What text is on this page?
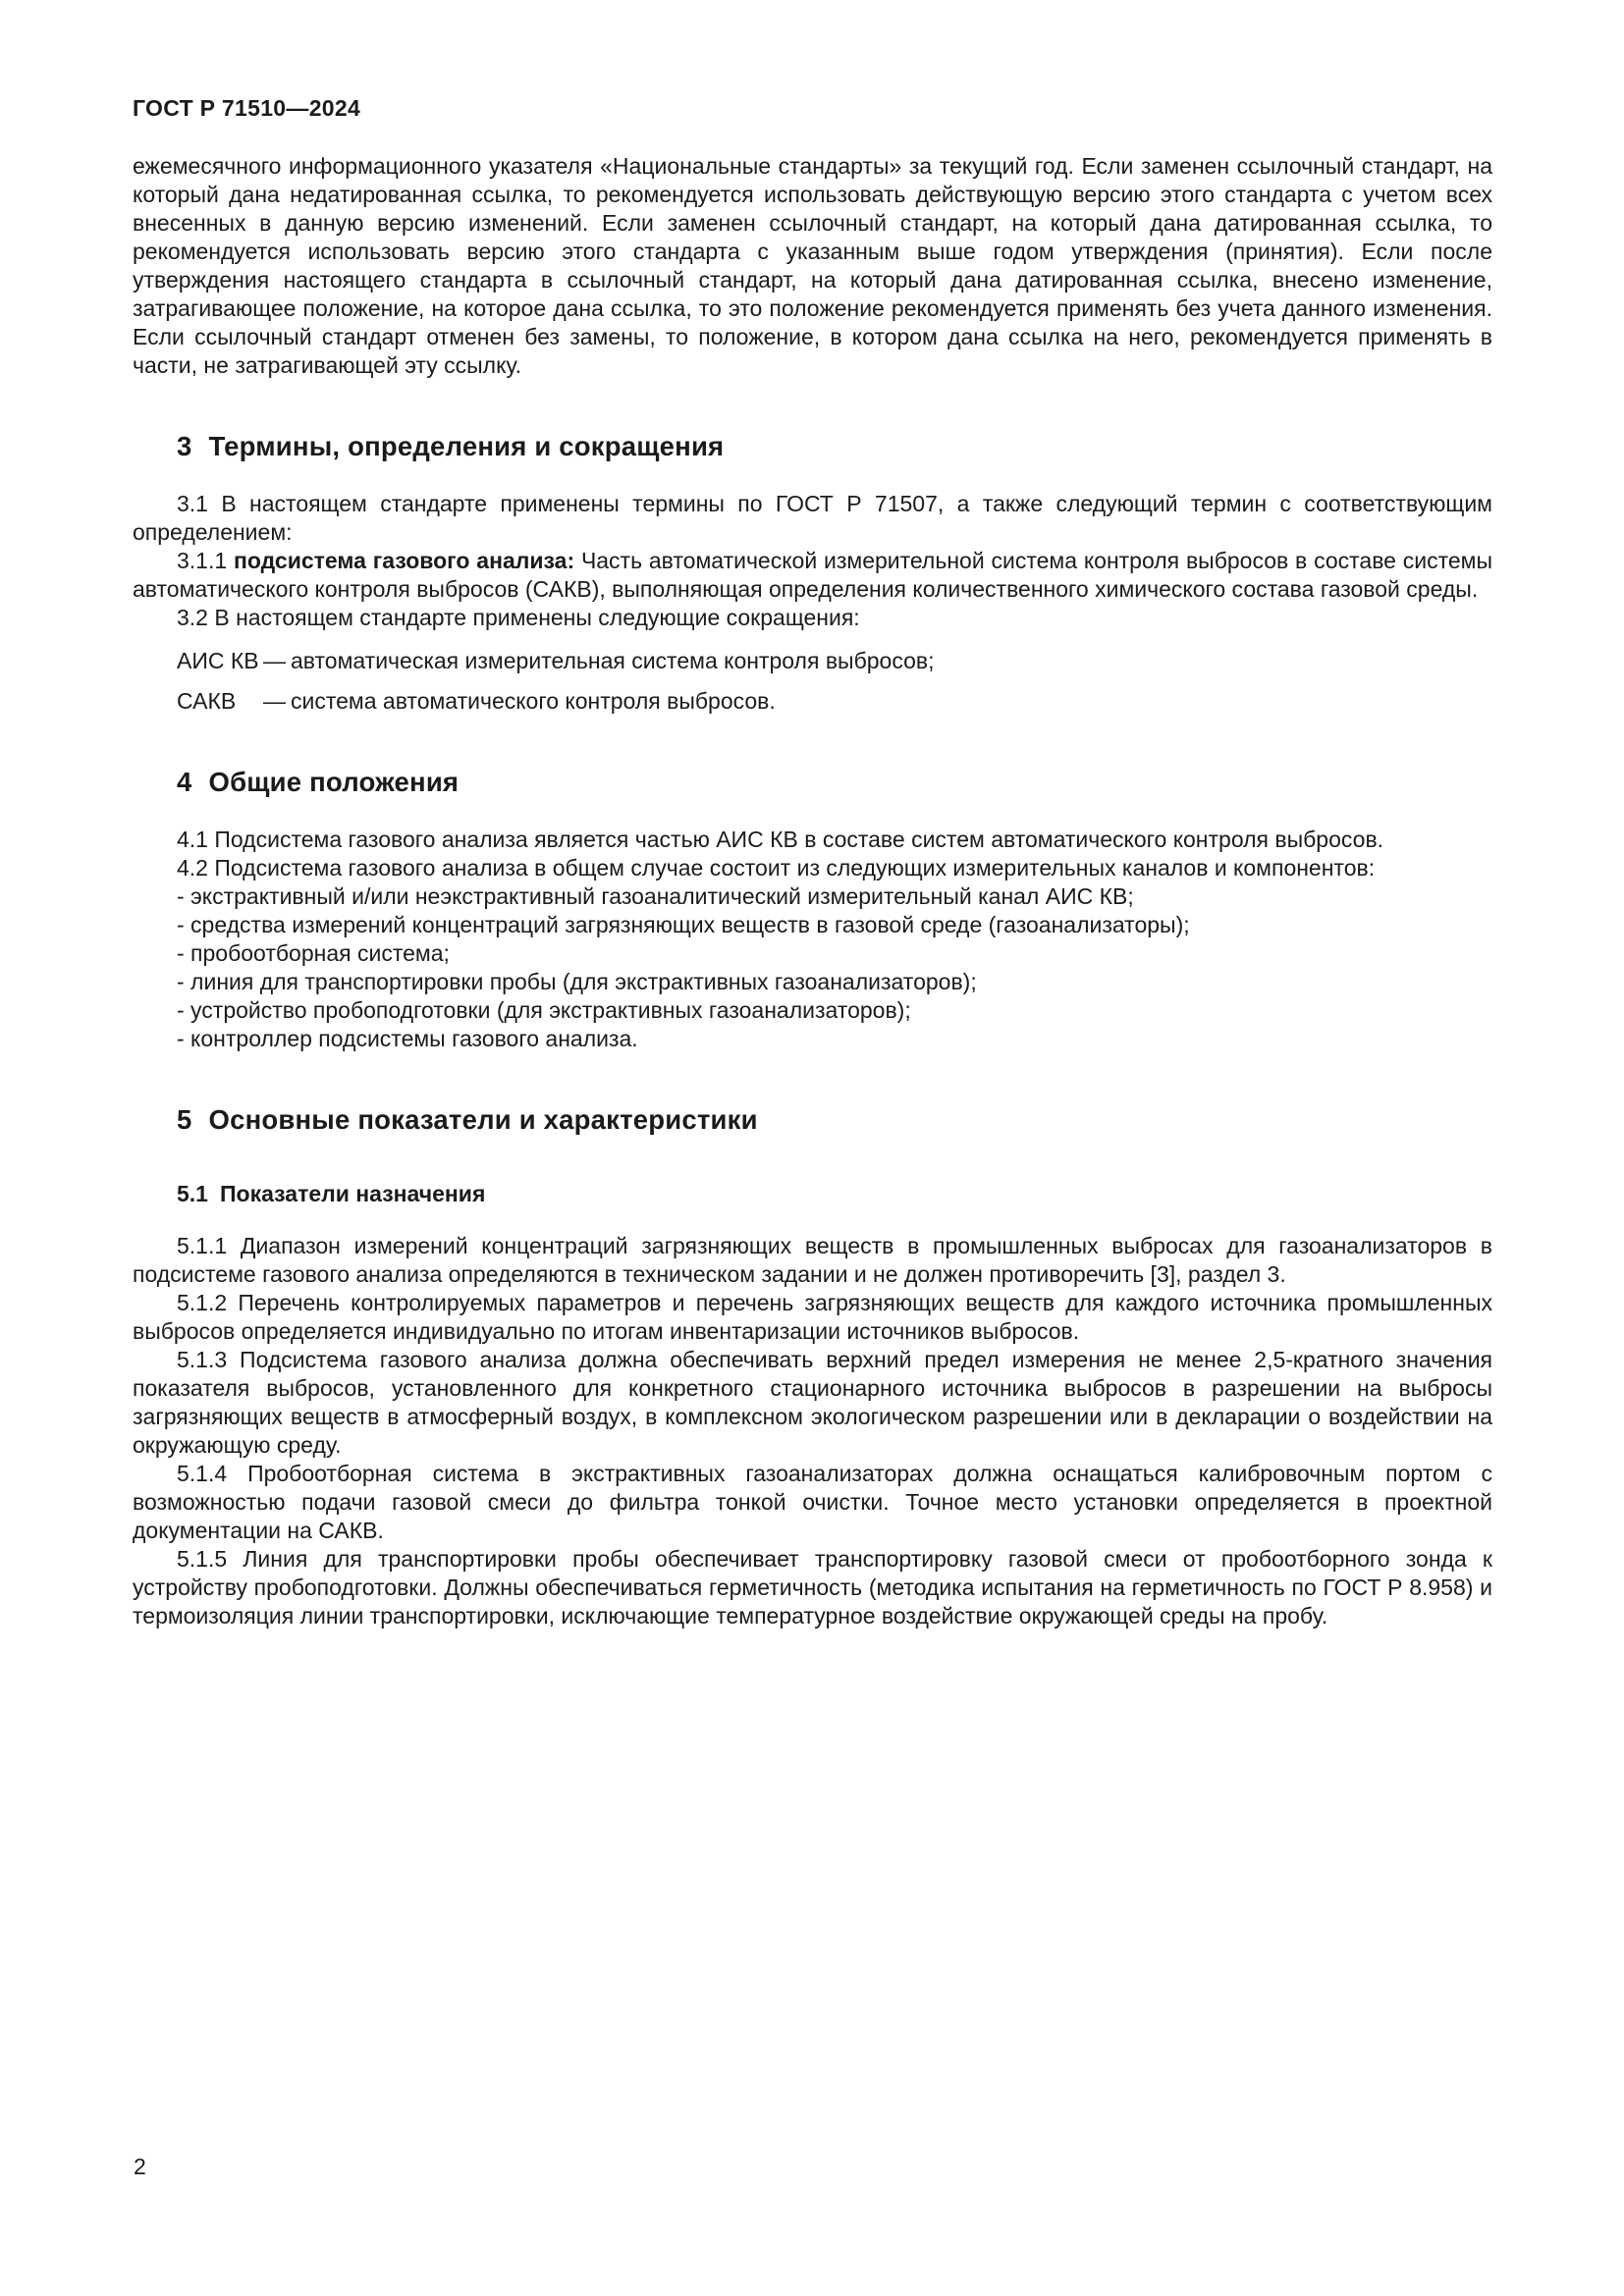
ГОСТ Р 71510—2024

ежемесячного информационного указателя «Национальные стандарты» за текущий год. Если заменен ссылочный стандарт, на который дана недатированная ссылка, то рекомендуется использовать действующую версию этого стандарта с учетом всех внесенных в данную версию изменений. Если заменен ссылочный стандарт, на который дана датированная ссылка, то рекомендуется использовать версию этого стандарта с указанным выше годом утверждения (принятия). Если после утверждения настоящего стандарта в ссылочный стандарт, на который дана датированная ссылка, внесено изменение, затрагивающее положение, на которое дана ссылка, то это положение рекомендуется применять без учета данного изменения. Если ссылочный стандарт отменен без замены, то положение, в котором дана ссылка на него, рекомендуется применять в части, не затрагивающей эту ссылку.

3 Термины, определения и сокращения

3.1 В настоящем стандарте применены термины по ГОСТ Р 71507, а также следующий термин с соответствующим определением:

3.1.1 подсистема газового анализа: Часть автоматической измерительной система контроля выбросов в составе системы автоматического контроля выбросов (САКВ), выполняющая определения количественного химического состава газовой среды.

3.2 В настоящем стандарте применены следующие сокращения:

АИС КВ — автоматическая измерительная система контроля выбросов;
САКВ	— система автоматического контроля выбросов.
4 Общие положения

4.1 Подсистема газового анализа является частью АИС КВ в составе систем автоматического контроля выбросов.

4.2 Подсистема газового анализа в общем случае состоит из следующих измерительных каналов и компонентов:

- экстрактивный и/или неэкстрактивный газоаналитический измерительный канал АИС КВ;

- средства измерений концентраций загрязняющих веществ в газовой среде (газоанализаторы);

- пробоотборная система;

- линия для транспортировки пробы (для экстрактивных газоанализаторов);

- устройство пробоподготовки (для экстрактивных газоанализаторов);

- контроллер подсистемы газового анализа.

5 Основные показатели и характеристики
5.1 Показатели назначения

5.1.1 Диапазон измерений концентраций загрязняющих веществ в промышленных выбросах для газоанализаторов в подсистеме газового анализа определяются в техническом задании и не должен противоречить [3], раздел 3.

5.1.2 Перечень контролируемых параметров и перечень загрязняющих веществ для каждого источника промышленных выбросов определяется индивидуально по итогам инвентаризации источников выбросов.

5.1.3 Подсистема газового анализа должна обеспечивать верхний предел измерения не менее 2,5-кратного значения показателя выбросов, установленного для конкретного стационарного источника выбросов в разрешении на выбросы загрязняющих веществ в атмосферный воздух, в комплексном экологическом разрешении или в декларации о воздействии на окружающую среду.

5.1.4 Пробоотборная система в экстрактивных газоанализаторах должна оснащаться калибровочным портом с возможностью подачи газовой смеси до фильтра тонкой очистки. Точное место установки определяется в проектной документации на САКВ.

5.1.5 Линия для транспортировки пробы обеспечивает транспортировку газовой смеси от пробоотборного зонда к устройству пробоподготовки. Должны обеспечиваться герметичность (методика испытания на герметичность по ГОСТ Р 8.958) и термоизоляция линии транспортировки, исключающие температурное воздействие окружающей среды на пробу.

2
